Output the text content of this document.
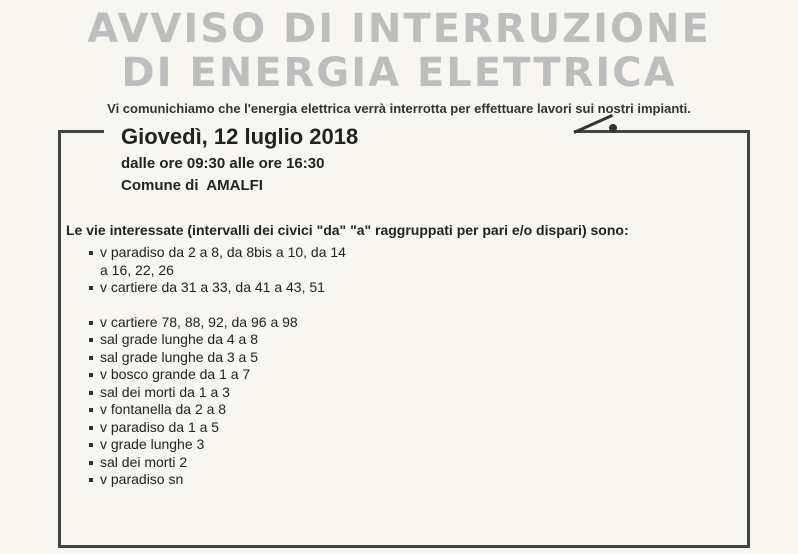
AVVISO DI INTERRUZIONE
DI ENERGIA ELETTRICA
Vi comunichiamo che l'energia elettrica verrà interrotta per effettuare lavori sui nostri impianti.
Giovedì, 12 luglio 2018
dalle ore 09:30 alle ore 16:30
Comune di AMALFI
Le vie interessate (intervalli dei civici "da" "a" raggruppati per pari e/o dispari) sono:
v paradiso da 2 a 8, da 8bis a 10, da 14
a 16, 22, 26
v cartiere da 31 a 33, da 41 a 43, 51
v cartiere 78, 88, 92, da 96 a 98
sal grade lunghe da 4 a 8
sal grade lunghe da 3 a 5
v bosco grande da 1 a 7
sal dei morti da 1 a 3
v fontanella da 2 a 8
v paradiso da 1 a 5
v grade lunghe 3
sal dei morti 2
v paradiso sn
